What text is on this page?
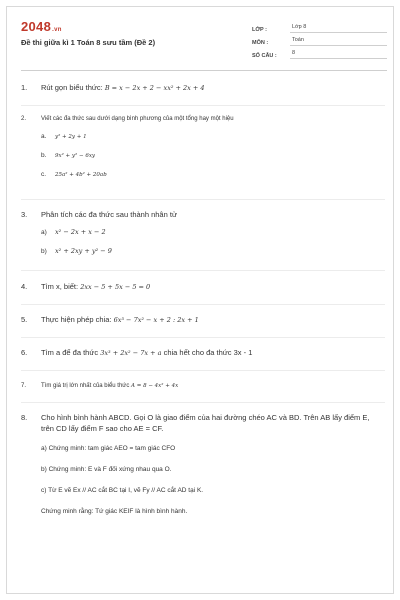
2048.vn
Đề thi giữa kì 1 Toán 8 sưu tầm (Đề 2)
LỚP :	Lớp 8
MÔN :	Toán
SỐ CÂU :	8
1.	Rút gọn biểu thức: B = x − 2x + 2 − xx² + 2x + 4
2.	Viết các đa thức sau dưới dạng bình phương của một tổng hay một hiệu
a. y² + 2y + 1
b. 9x² + y² − 6xy
c. 25a² + 4b² + 20ab
3.	Phân tích các đa thức sau thành nhân tử
a) x² − 2x + x − 2
b) x² + 2xy + y² − 9
4.	Tìm x, biết: 2xx − 5 + 5x − 5 = 0
5.	Thực hiện phép chia: 6x³ − 7x² − x + 2 : 2x + 1
6.	Tìm a để đa thức 3x³ + 2x² − 7x + a chia hết cho đa thức 3x - 1
7.	Tìm giá trị lớn nhất của biểu thức A = 8 − 4x² + 4x
8.	Cho hình bình hành ABCD. Gọi O là giao điểm của hai đường chéo AC và BD. Trên AB lấy điểm E, trên CD lấy điểm F sao cho AE = CF.
a) Chứng minh: tam giác AEO = tam giác CFO
b) Chứng minh: E và F đối xứng nhau qua O.
c) Từ E vẽ Ex // AC cắt BC tại I, vẽ Fy // AC cắt AD tại K.
Chứng minh rằng: Tứ giác KEIF là hình bình hành.
